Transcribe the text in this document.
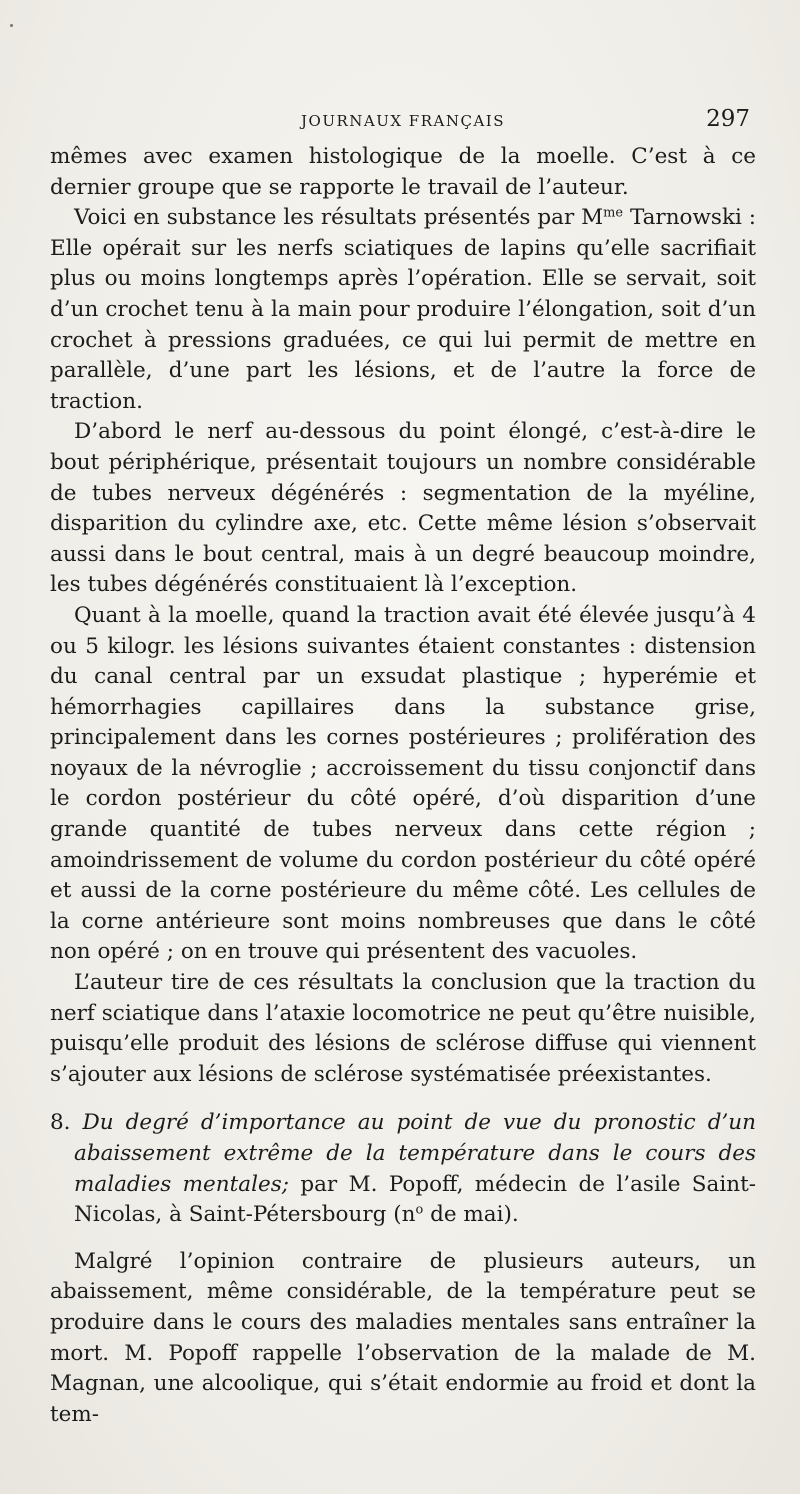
JOURNAUX FRANÇAIS	297

mêmes avec examen histologique de la moelle. C’est à ce dernier groupe que se rapporte le travail de l’auteur.

Voici en substance les résultats présentés par $M^{me}$ Tarnowski : Elle opérait sur les nerfs sciatiques de lapins qu’elle sacrifiait plus ou moins longtemps après l’opération. Elle se servait, soit d’un crochet tenu à la main pour produire l’élongation, soit d’un crochet à pressions graduées, ce qui lui permit de mettre en parallèle, d’une part les lésions, et de l’autre la force de traction.

D’abord le nerf au-dessous du point élongé, c’est-à-dire le bout périphérique, présentait toujours un nombre considérable de tubes nerveux dégénérés : segmentation de la myéline, disparition du cylindre axe, etc. Cette même lésion s’observait aussi dans le bout central, mais à un degré beaucoup moindre, les tubes dégénérés constituaient là l’exception.

Quant à la moelle, quand la traction avait été élevée jusqu’à 4 ou 5 kilogr. les lésions suivantes étaient constantes : distension du canal central par un exsudat plastique ; hyperémie et hémorrhagies capillaires dans la substance grise, principalement dans les cornes postérieures ; prolifération des noyaux de la névroglie ; accroissement du tissu conjonctif dans le cordon postérieur du côté opéré, d’où disparition d’une grande quantité de tubes nerveux dans cette région ; amoindrissement de volume du cordon postérieur du côté opéré et aussi de la corne postérieure du même côté. Les cellules de la corne antérieure sont moins nombreuses que dans le côté non opéré ; on en trouve qui présentent des vacuoles.

L’auteur tire de ces résultats la conclusion que la traction du nerf sciatique dans l’ataxie locomotrice ne peut qu’être nuisible, puisqu’elle produit des lésions de sclérose diffuse qui viennent s’ajouter aux lésions de sclérose systématisée préexistantes.

8. Du degré d’importance au point de vue du pronostic d’un abaissement extrême de la température dans le cours des maladies mentales; par M. Popoff, médecin de l’asile Saint-Nicolas, à Saint-Pétersbourg ($n^o$ de mai).

Malgré l’opinion contraire de plusieurs auteurs, un abaissement, même considérable, de la température peut se produire dans le cours des maladies mentales sans entraîner la mort. M. Popoff rappelle l’observation de la malade de M. Magnan, une alcoolique, qui s’était endormie au froid et dont la tem-
